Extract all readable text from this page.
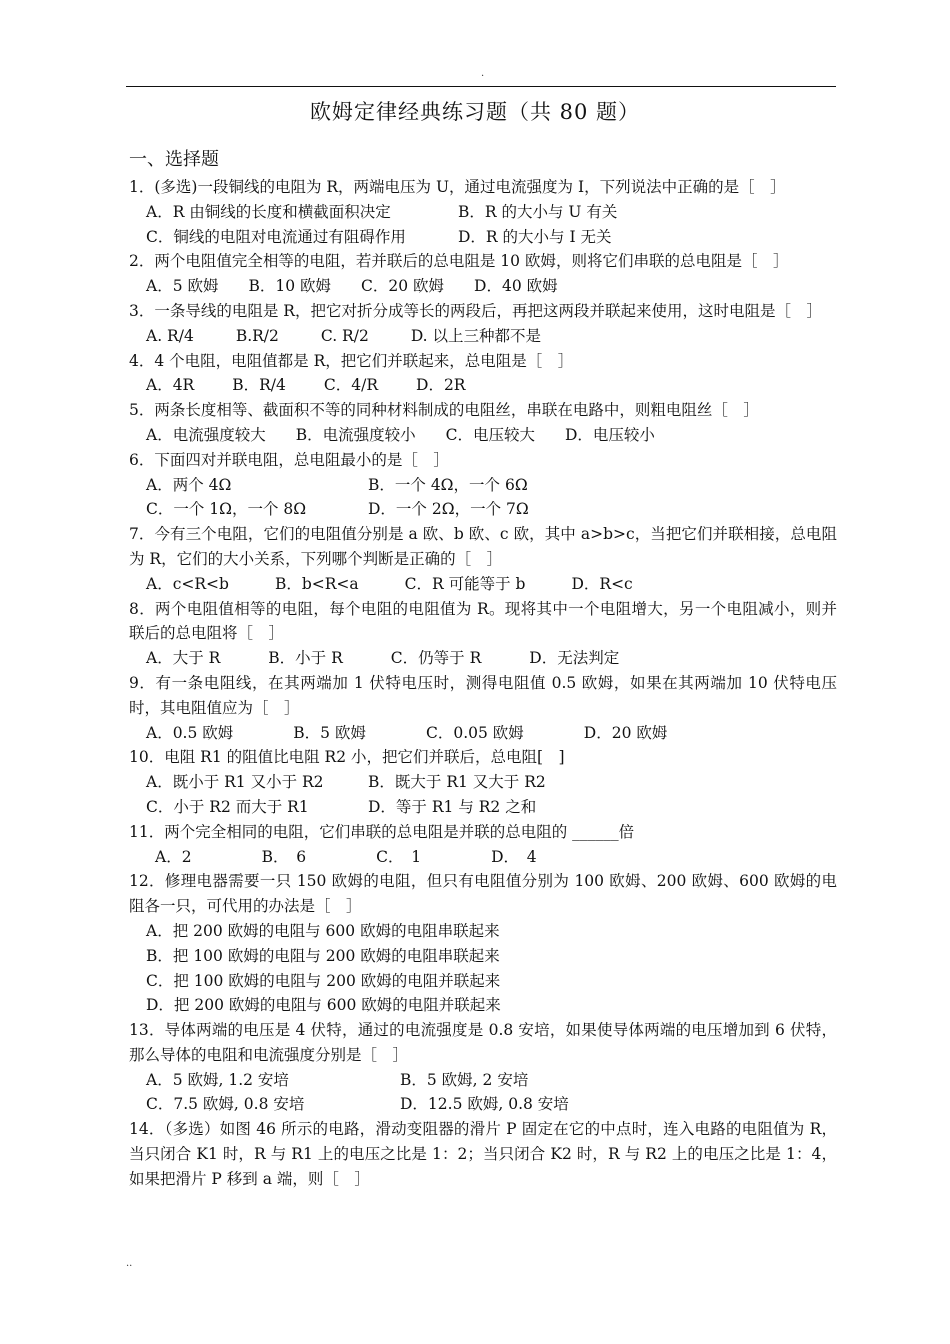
.
欧姆定律经典练习题（共 80 题）
一、选择题
1．(多选)一段铜线的电阻为 R，两端电压为 U，通过电流强度为 I，下列说法中正确的是［　］
A．R 由铜线的长度和横截面积决定	B．R 的大小与 U 有关
C．铜线的电阻对电流通过有阻碍作用	D．R 的大小与 I 无关
2．两个电阻值完全相等的电阻，若并联后的总电阻是 10 欧姆，则将它们串联的总电阻是［　］
A．5 欧姆 B．10 欧姆 C．20 欧姆 D．40 欧姆
3．一条导线的电阻是 R，把它对折分成等长的两段后，再把这两段并联起来使用，这时电阻是［　］
A. R/4	B.R/2	C. R/2	D. 以上三种都不是
4．4 个电阻，电阻值都是 R，把它们并联起来，总电阻是［　］
A．4R B．R/4 C．4/R D．2R
5．两条长度相等、截面积不等的同种材料制成的电阻丝，串联在电路中，则粗电阻丝［　］
A．电流强度较大 B．电流强度较小 C．电压较大 D．电压较小
6．下面四对并联电阻，总电阻最小的是［　］
A．两个 4Ω	B．一个 4Ω，一个 6Ω
C．一个 1Ω，一个 8Ω	D．一个 2Ω，一个 7Ω
7．今有三个电阻，它们的电阻值分别是 a 欧、b 欧、c 欧，其中 a>b>c，当把它们并联相接，总电阻为 R，它们的大小关系，下列哪个判断是正确的［　］
A．c<R<b	B．b<R<a	C．R 可能等于 b	D．R<c
8．两个电阻值相等的电阻，每个电阻的电阻值为 R。现将其中一个电阻增大，另一个电阻减小，则并联后的总电阻将［　］
A．大于 R	B．小于 R	C．仍等于 R	D．无法判定
9．有一条电阻线，在其两端加 1 伏特电压时，测得电阻值 0.5 欧姆，如果在其两端加 10 伏特电压时，其电阻值应为［　］
A．0.5 欧姆	B．5 欧姆	C．0.05 欧姆	D．20 欧姆
10．电阻 R1 的阻值比电阻 R2 小，把它们并联后，总电阻[　]
A．既小于 R1 又小于 R2	B．既大于 R1 又大于 R2
C．小于 R2 而大于 R1	D．等于 R1 与 R2 之和
11．两个完全相同的电阻，它们串联的总电阻是并联的总电阻的 ______倍
A．2	B．　6	C．　1	D．　4
12．修理电器需要一只 150 欧姆的电阻，但只有电阻值分别为 100 欧姆、200 欧姆、600 欧姆的电阻各一只，可代用的办法是［　］
A．把 200 欧姆的电阻与 600 欧姆的电阻串联起来
B．把 100 欧姆的电阻与 200 欧姆的电阻串联起来
C．把 100 欧姆的电阻与 200 欧姆的电阻并联起来
D．把 200 欧姆的电阻与 600 欧姆的电阻并联起来
13．导体两端的电压是 4 伏特，通过的电流强度是 0.8 安培，如果使导体两端的电压增加到 6 伏特，那么导体的电阻和电流强度分别是［　］
A．5 欧姆, 1.2 安培	B．5 欧姆, 2 安培
C．7.5 欧姆, 0.8 安培	D．12.5 欧姆, 0.8 安培
14．（多选）如图 46 所示的电路，滑动变阻器的滑片 P 固定在它的中点时，连入电路的电阻值为 R，当只闭合 K1 时，R 与 R1 上的电压之比是 1：2；当只闭合 K2 时，R 与 R2 上的电压之比是 1：4，如果把滑片 P 移到 a 端，则［　］
..
